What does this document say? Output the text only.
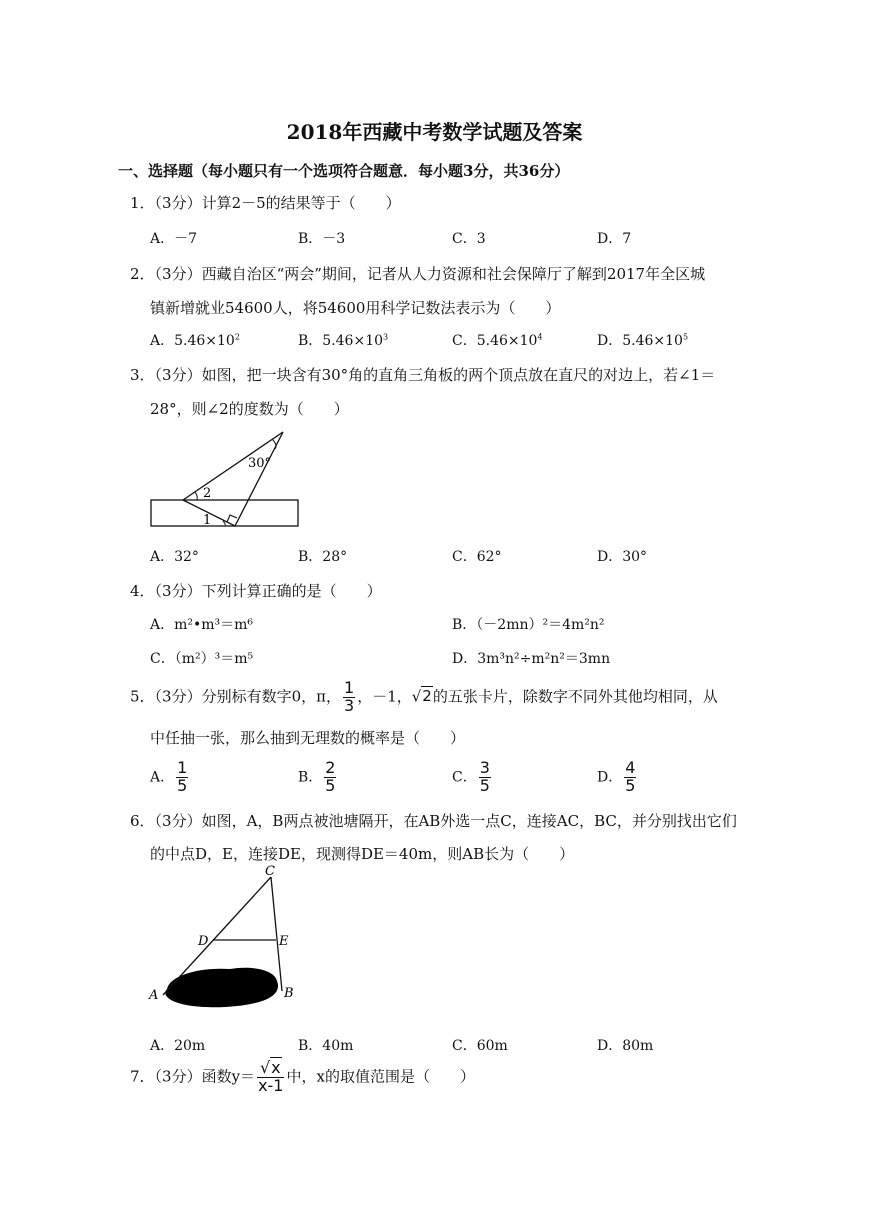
2018年西藏中考数学试题及答案
一、选择题（每小题只有一个选项符合题意．每小题3分，共36分）
1．（3分）计算2－5的结果等于（　　）
A．－7	B．－3	C．3	D．7
2．（3分）西藏自治区“两会”期间，记者从人力资源和社会保障厅了解到2017年全区城
镇新增就业54600人，将54600用科学记数法表示为（　　）
A．$5.46\times 10^2$	B．$5.46\times 10^3$	C．$5.46\times 10^4$	D．$5.46\times 10^5$
3．（3分）如图，把一块含有30°角的直角三角板的两个顶点放在直尺的对边上，若∠1＝
28°，则∠2的度数为（　　）
30°
2
1
A．32°	B．28°	C．62°	D．30°
4．（3分）下列计算正确的是（　　）
A．m²•m³＝m⁶	B．（－2mn）²＝4m²n²
C．（m²）³＝m⁵	D．3m³n²÷m²n²＝3mn
5．（3分）分别标有数字0，π， $\frac{1}{3}$ ，－1，√2的五张卡片，除数字不同外其他均相同，从
中任抽一张，那么抽到无理数的概率是（　　）
A． $\frac{1}{5}$	B． $\frac{2}{5}$	C． $\frac{3}{5}$	D． $\frac{4}{5}$
6．（3分）如图，A，B两点被池塘隔开，在AB外选一点C，连接AC，BC，并分别找出它们
的中点D，E，连接DE，现测得DE＝40m，则AB长为（　　）
C
D	E
A	B
A．20m	B．40m	C．60m	D．80m
7．（3分）函数$y= \frac{√x}{x-1}$ 中，x的取值范围是（　　）
